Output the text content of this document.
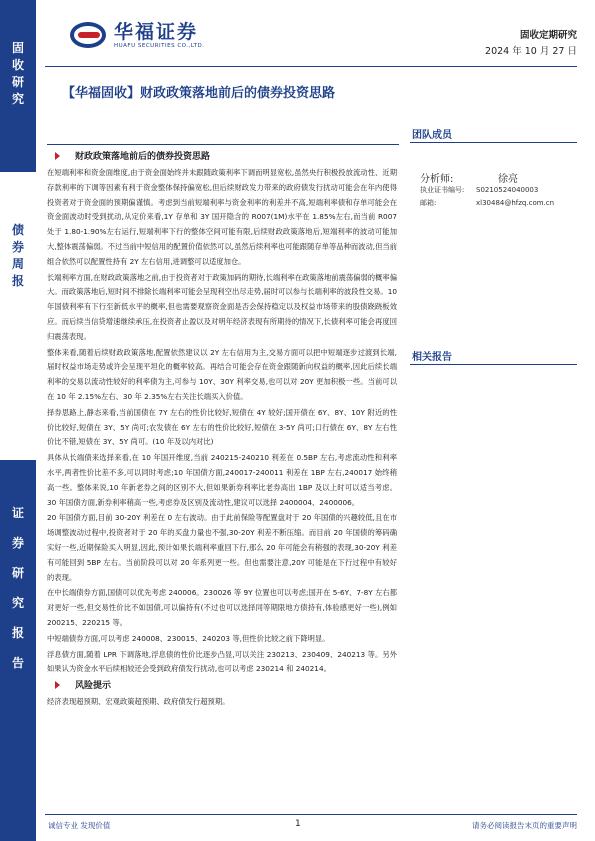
固
收
研
究
债
券
周
报
证
券
研
究
报
告
华福证券
HUAFU SECURITIES CO.,LTD.
固收定期研究
2024 年 10 月 27 日
【华福固收】财政政策落地前后的债券投资思路
团队成员
分析师:	徐亮
执业证书编号: S0210524040003
邮箱:	xl30484@hfzq.com.cn
相关报告
财政政策落地前后的债券投资思路
在短端利率和资金面维度,由于资金面始终并未跟随政策利率下调而明显宽松,虽然央行积极投放流动性、近期存款利率的下调等因素有利于资金整体保持偏宽松,但后续财政发力带来的政府债发行扰动可能会在年内使得投资者对于资金面的预期偏谨慎。考虑到当前短端利率与资金利率的利差并不高,短端利率债和存单可能会在资金面波动时受到扰动,从定价来看,1Y 存单和 3Y 国开隐含的 R007(1M)水平在 1.85%左右,而当前 R007 处于 1.80-1.90%左右运行,短端利率下行的整体空间可能有限,后续财政政策落地后,短端利率的波动可能加大,整体震荡偏弱。不过当前中短信用的配置价值依然可以,虽然后续利率也可能跟随存单等品种而波动,但当前组合依然可以配置性持有 2Y 左右信用,进调整可以适度加仓。
长端利率方面,在财政政策落地之前,由于投资者对于政策加码的期待,长端利率在政策落地前震荡偏弱的概率偏大。而政策落地后,短时间不排除长端利率可能会呈现利空出尽走势,届时可以参与长端利率的波段性交易。10 年国债利率有下行至新低水平的概率,但也需要观察资金面是否会保持稳定以及权益市场带来的股债跷跷板效应。而后续当信贷增速继续承压,在投资者止盈以及对明年经济表现有所期待的情况下,长债利率可能会再度回归震荡表现。
整体来看,随着后续财政政策落地,配置依然建议以 2Y 左右信用为主,交易方面可以把中短端逐步过渡到长端,届时权益市场走势或许会呈现平坦化的概率较高。再结合可能会存在资金跟随新向权益的概率,因此后续长端利率的交易以流动性较好的利率债为主,可参与 10Y、30Y 利率交易,也可以对 20Y 更加积极一些。当前可以在 10 年 2.15%左右、30 年 2.35%左右关注长端买入价值。
择券思路上,静态来看,当前国债在 7Y 左右的性价比较好,短债在 4Y 较好;国开债在 6Y、8Y、10Y 附近的性价比较好,短债在 3Y、5Y 尚可;农发债在 6Y 左右的性价比较好,短债在 3-5Y 尚可;口行债在 6Y、8Y 左右性价比不错,短债在 3Y、5Y 尚可。(10 年及以内对比)
具体从长端债来选择来看,在 10 年国开维度,当前 240215-240210 利差在 0.5BP 左右,考虑流动性和利率水平,两者性价比差不多,可以同时考虑;10 年国债方面,240017-240011 利差在 1BP 左右,240017 始终稍高一些。整体来说,10 年新老券之间的区别不大,但如果新券利率比老券高出 1BP 及以上时可以适当考虑。30 年国债方面,新券利率稍高一些,考虑券及区别及流动性,建议可以选择 2400004、2400006。
20 年国债方面,目前 30-20Y 利差在 0 左右波动。由于此前保险等配置盘对于 20 年国债的兴趣较低,且在市场调整波动过程中,投资者对于 20 年的买盘力量也不强,30-20Y 利差不断压缩。而目前 20 年国债的筹码确实好一些,近期保险买入明显,因此,预计如果长端利率重回下行,那么 20 年可能会有稍强的表现,30-20Y 利差有可能回到 5BP 左右。当前阶段可以对 20 年系列更一些。但也需要注意,20Y 可能是在下行过程中有较好的表现。
在中长端债券方面,国债可以优先考虑 240006。230026 等 9Y 位置也可以考虑;国开在 5-6Y、7-8Y 左右都对更好一些,但交易性价比不如国债,可以偏持有(不过也可以选择同等期限地方债持有,体验感更好一些),例如 200215、220215 等。
中短端债券方面,可以考虑 240008、230015、240203 等,但性价比较之前下降明显。
浮息债方面,随着 LPR 下调落地,浮息债的性价比逐步凸显,可以关注 230213、230409、240213 等。另外如果认为资金水平后续相较还会受到政府债发行扰动,也可以考虑 230214 和 240214。
风险提示
经济表现超预期、宏观政策超预期、政府债发行超预期。
诚信专业 发现价值	1	请务必阅读报告末页的重要声明
